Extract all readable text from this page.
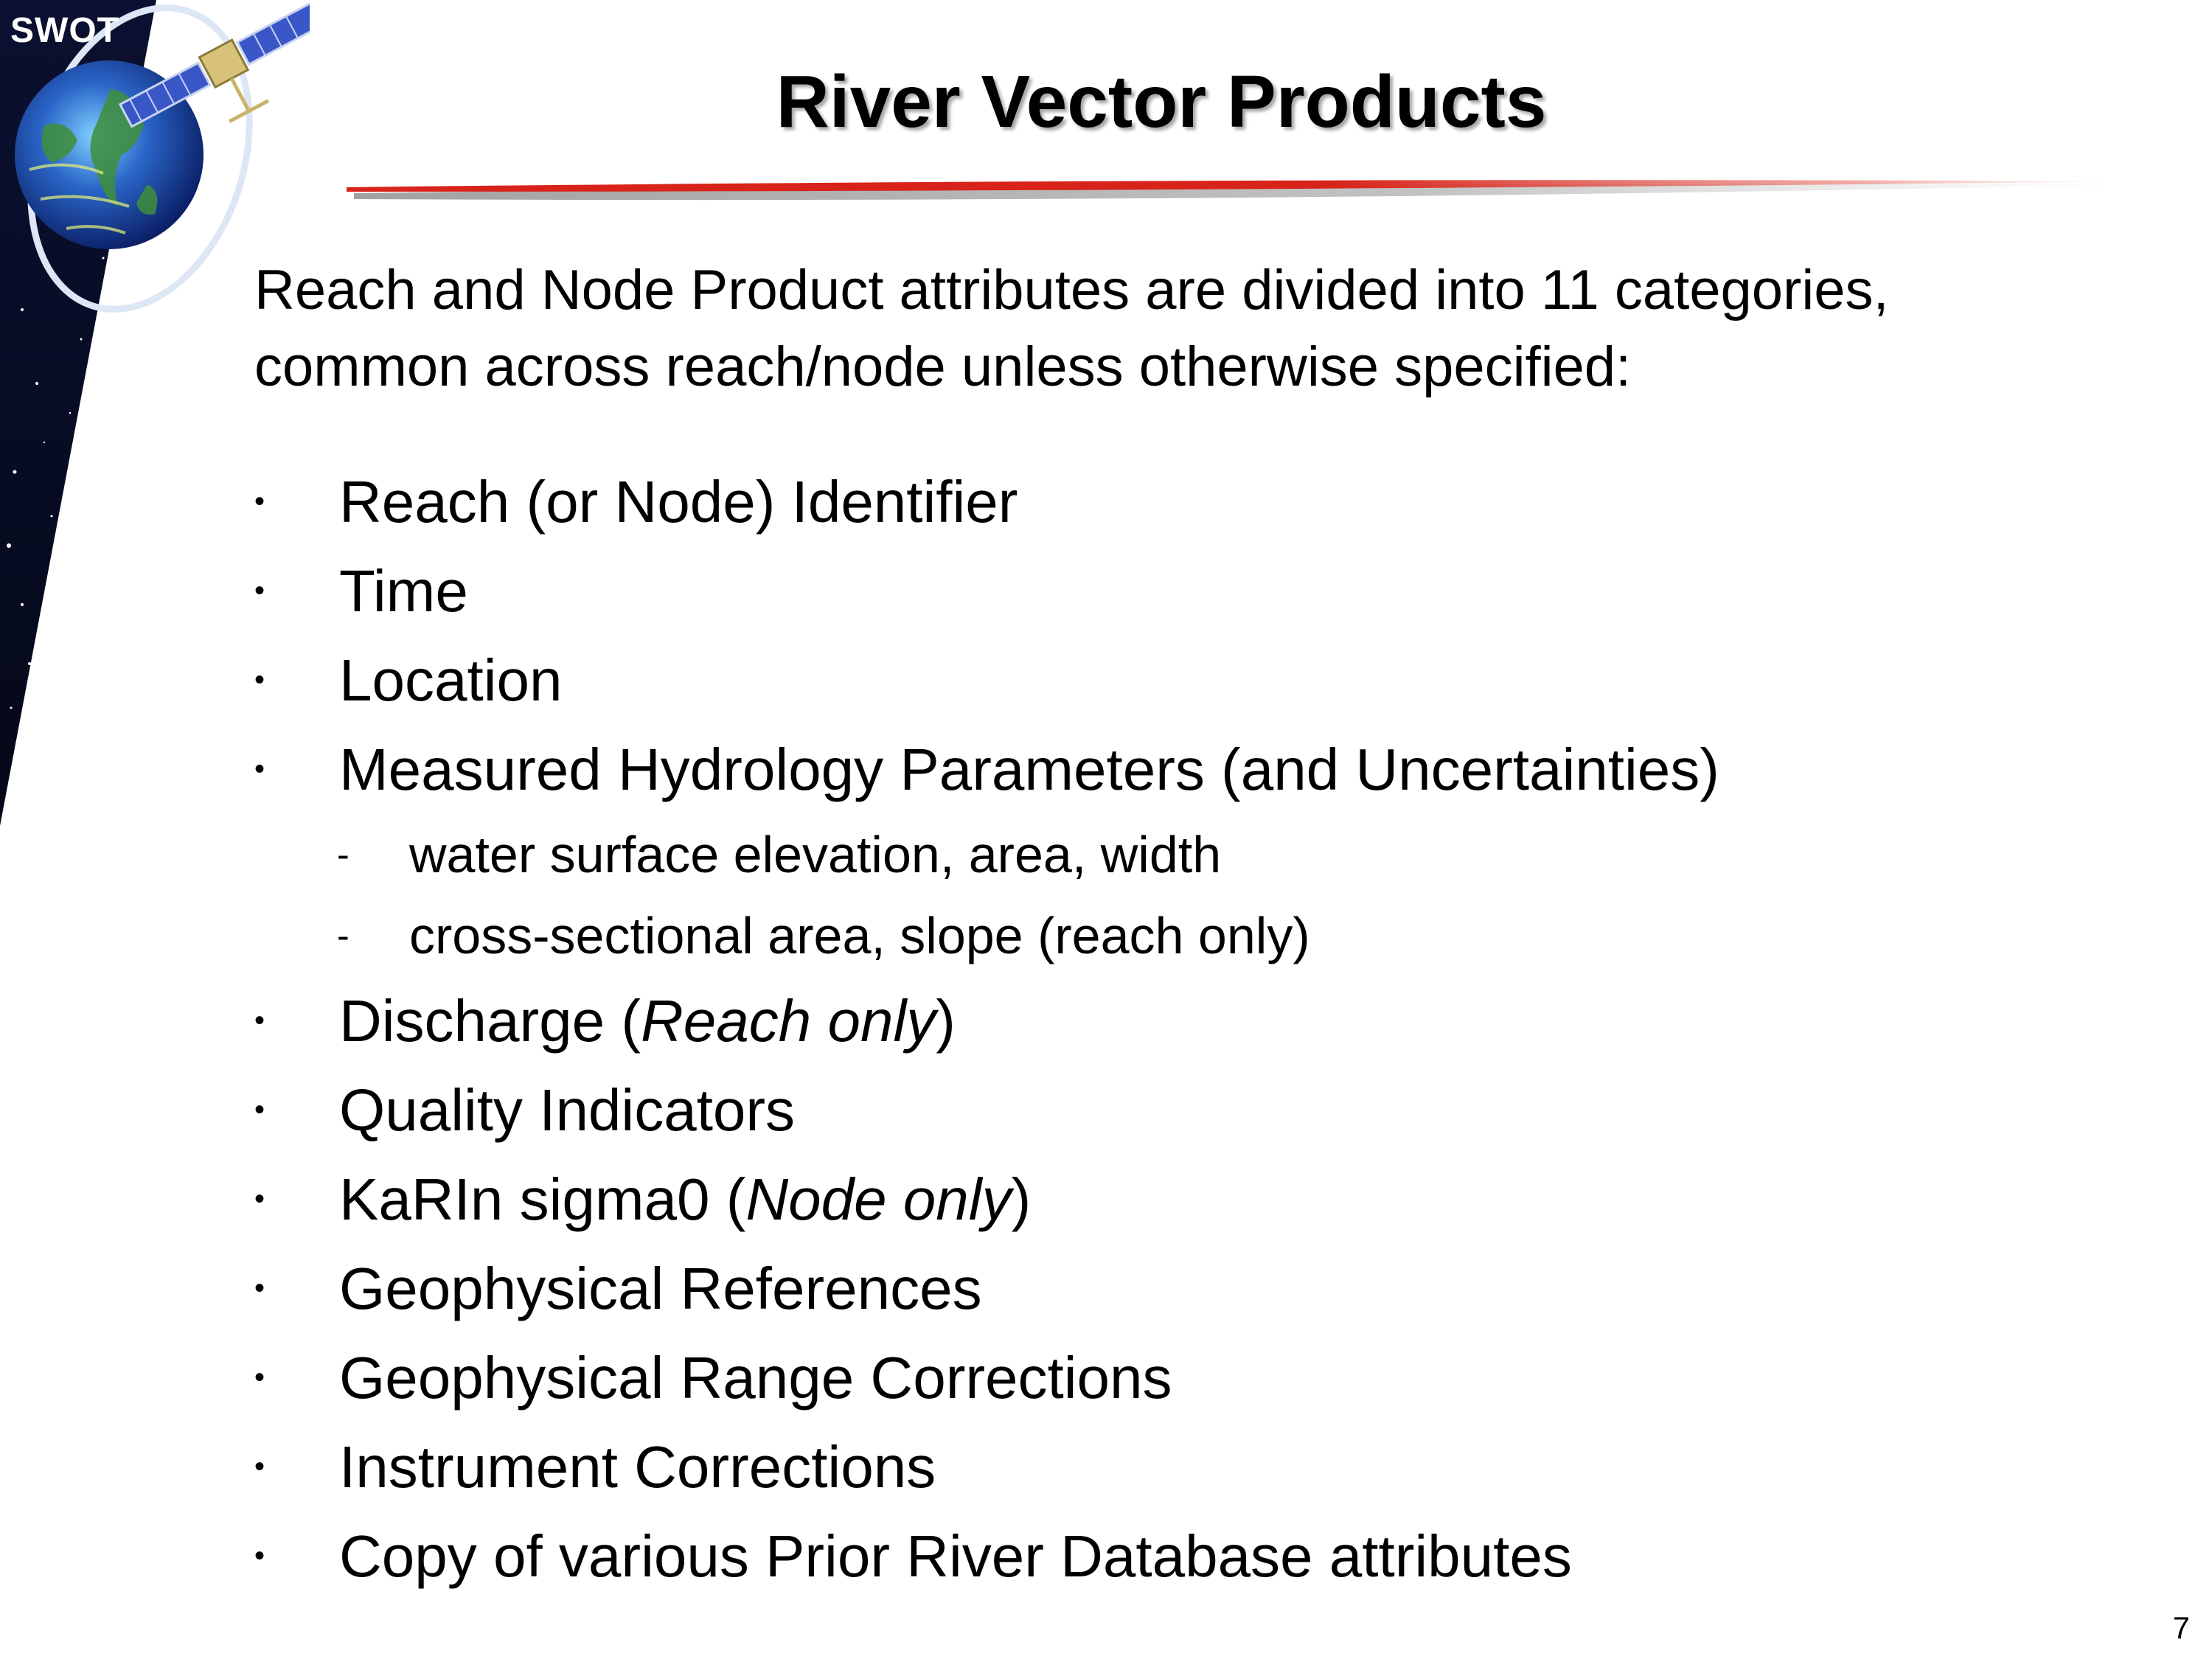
SWOT
River Vector Products
Reach and Node Product attributes are divided into 11 categories,
common across reach/node unless otherwise specified:
• Reach (or Node) Identifier
• Time
• Location
• Measured Hydrology Parameters (and Uncertainties)
- water surface elevation, area, width
- cross-sectional area, slope (reach only)
• Discharge (Reach only)
• Quality Indicators
• KaRIn sigma0 (Node only)
• Geophysical References
• Geophysical Range Corrections
• Instrument Corrections
• Copy of various Prior River Database attributes
7
